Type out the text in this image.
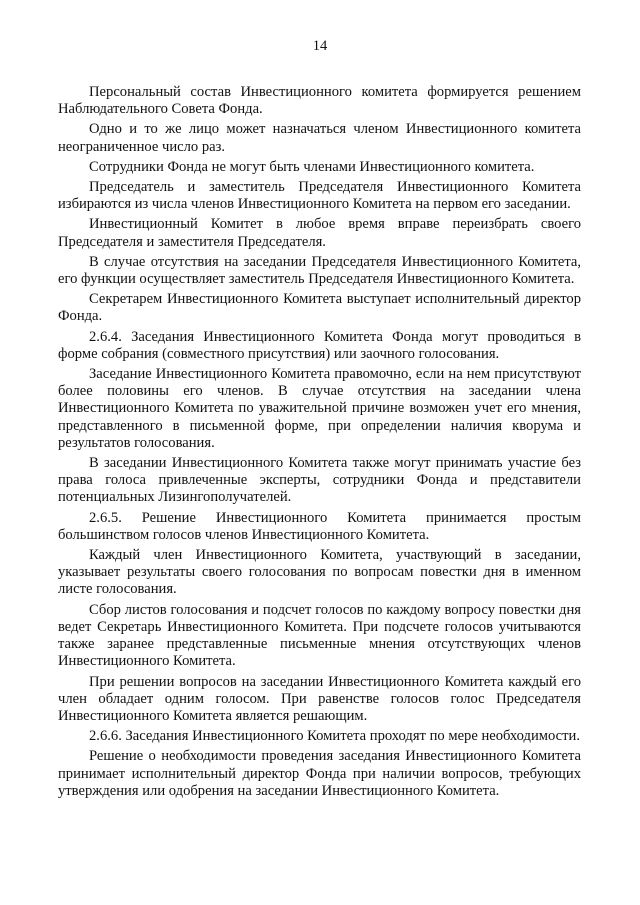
14

Персональный состав Инвестиционного комитета формируется решением Наблюдательного Совета Фонда.

Одно и то же лицо может назначаться членом Инвестиционного комитета неограниченное число раз.

Сотрудники Фонда не могут быть членами Инвестиционного комитета.

Председатель и заместитель Председателя Инвестиционного Комитета избираются из числа членов Инвестиционного Комитета на первом его заседании.

Инвестиционный Комитет в любое время вправе переизбрать своего Председателя и заместителя Председателя.

В случае отсутствия на заседании Председателя Инвестиционного Комитета, его функции осуществляет заместитель Председателя Инвестиционного Комитета.

Секретарем Инвестиционного Комитета выступает исполнительный директор Фонда.

2.6.4. Заседания Инвестиционного Комитета Фонда могут проводиться в форме собрания (совместного присутствия) или заочного голосования.

Заседание Инвестиционного Комитета правомочно, если на нем присутствуют более половины его членов. В случае отсутствия на заседании члена Инвестиционного Комитета по уважительной причине возможен учет его мнения, представленного в письменной форме, при определении наличия кворума и результатов голосования.

В заседании Инвестиционного Комитета также могут принимать участие без права голоса привлеченные эксперты, сотрудники Фонда и представители потенциальных Лизингополучателей.

2.6.5. Решение Инвестиционного Комитета принимается простым большинством голосов членов Инвестиционного Комитета.

Каждый член Инвестиционного Комитета, участвующий в заседании, указывает результаты своего голосования по вопросам повестки дня в именном листе голосования.

Сбор листов голосования и подсчет голосов по каждому вопросу повестки дня ведет Секретарь Инвестиционного Комитета. При подсчете голосов учитываются также заранее представленные письменные мнения отсутствующих членов Инвестиционного Комитета.

При решении вопросов на заседании Инвестиционного Комитета каждый его член обладает одним голосом. При равенстве голосов голос Председателя Инвестиционного Комитета является решающим.

2.6.6. Заседания Инвестиционного Комитета проходят по мере необходимости.

Решение о необходимости проведения заседания Инвестиционного Комитета принимает исполнительный директор Фонда при наличии вопросов, требующих утверждения или одобрения на заседании Инвестиционного Комитета.
